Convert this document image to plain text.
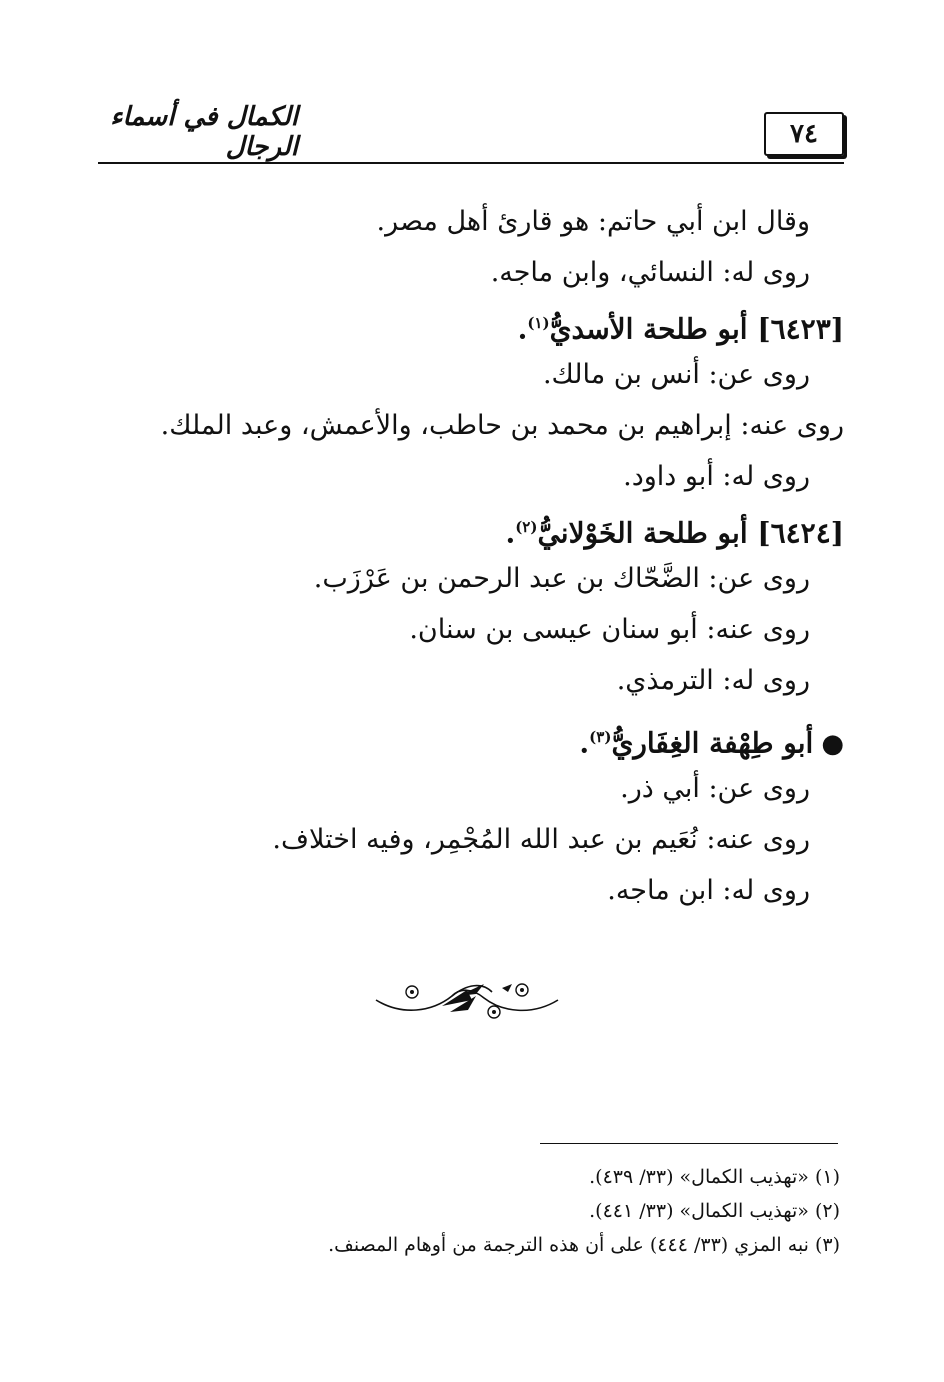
الكمال في أسماء الرجال	٧٤
وقال ابن أبي حاتم: هو قارئ أهل مصر.
روى له: النسائي، وابن ماجه.
[٦٤٢٣] أبو طلحة الأسديُّ$^{(١)}$.
روى عن: أنس بن مالك.
روى عنه: إبراهيم بن محمد بن حاطب، والأعمش، وعبد الملك.
روى له: أبو داود.
[٦٤٢٤] أبو طلحة الخَوْلانيُّ$^{(٢)}$.
روى عن: الضَّحّاك بن عبد الرحمن بن عَرْزَب.
روى عنه: أبو سنان عيسى بن سنان.
روى له: الترمذي.
●أبو طِهْفة الغِفَاريُّ$^{(٣)}$.
روى عن: أبي ذر.
روى عنه: نُعَيم بن عبد الله المُجْمِر، وفيه اختلاف.
روى له: ابن ماجه.
(١) «تهذيب الكمال» (٣٣/ ٤٣٩).
(٢) «تهذيب الكمال» (٣٣/ ٤٤١).
(٣) نبه المزي (٣٣/ ٤٤٤) على أن هذه الترجمة من أوهام المصنف.
